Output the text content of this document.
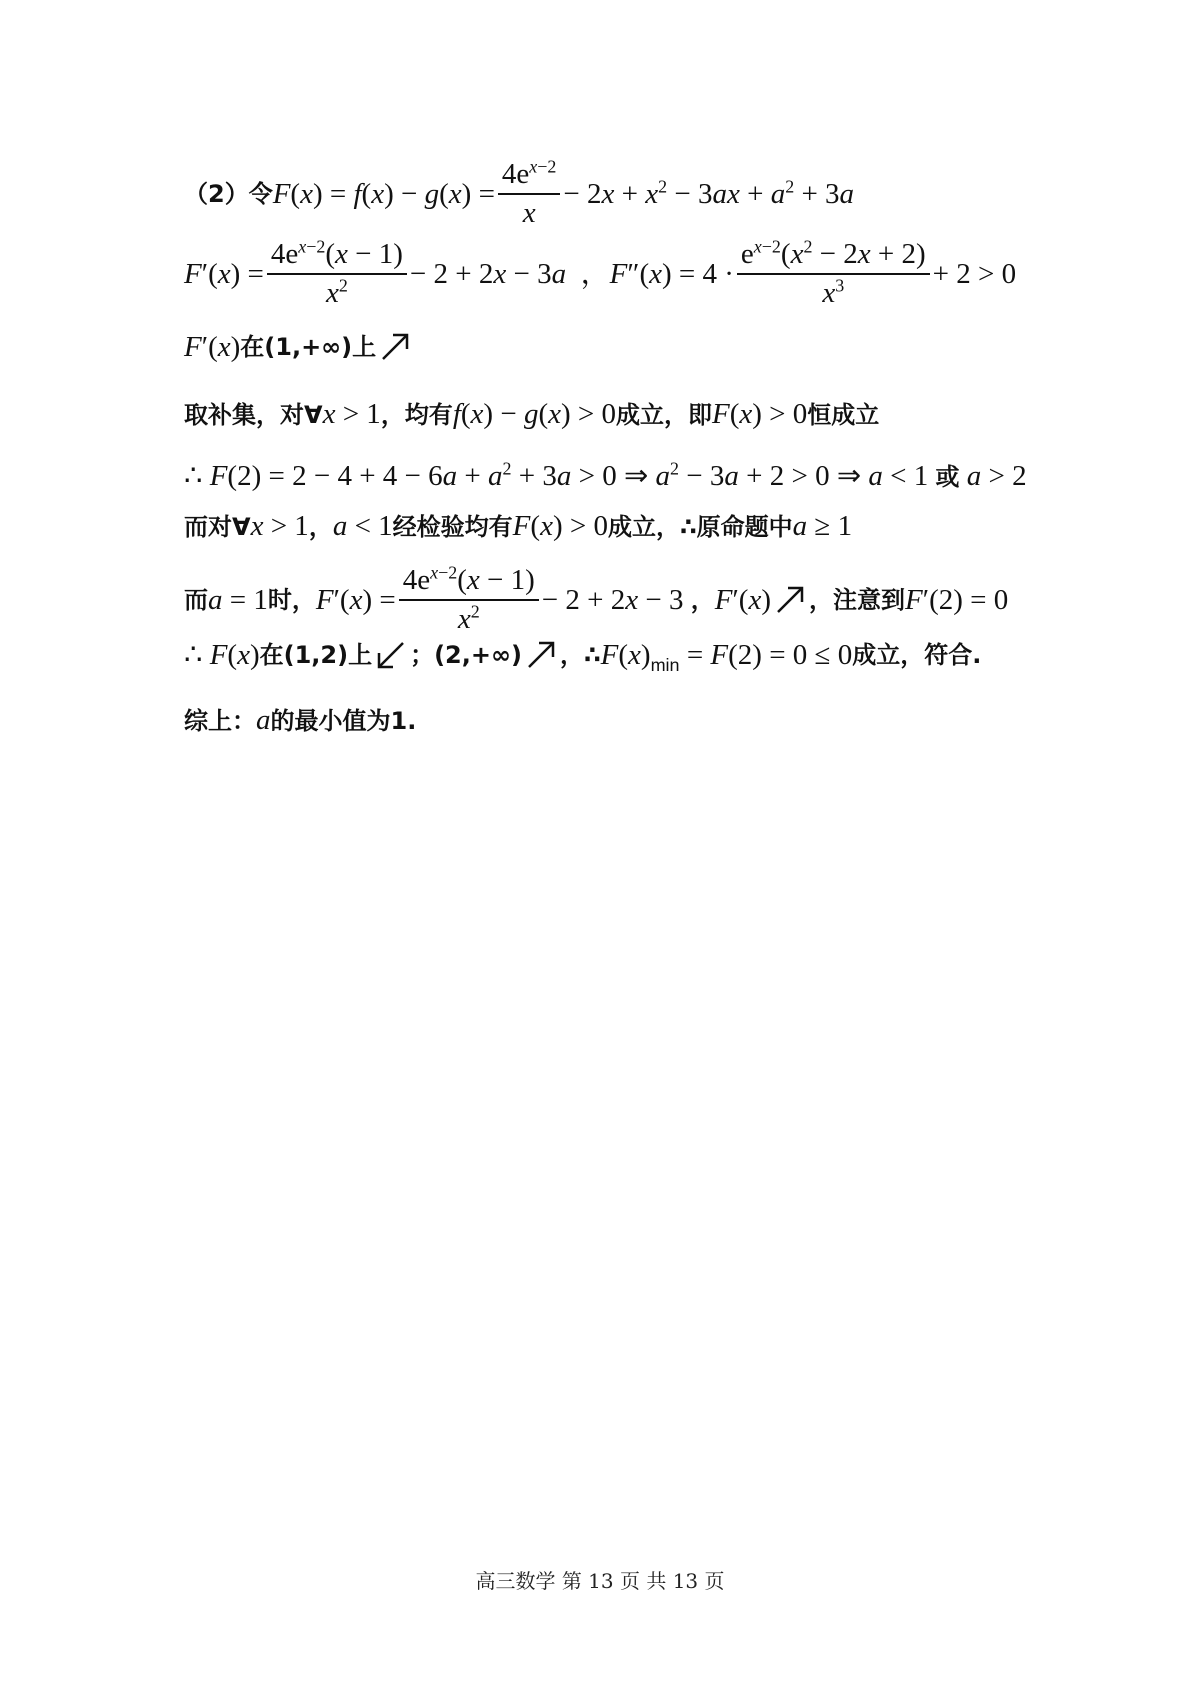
（2）令 $F(x) = f(x) - g(x) = \frac{4e^{x-2}}{x} - 2x + x^2 - 3ax + a^2 + 3a$
$F'(x) = \frac{4e^{x-2}(x - 1)}{x^2} - 2 + 2x - 3a$  ，$F''(x) = 4 \cdot \frac{e^{x-2}(x^2 - 2x + 2)}{x^3} + 2 > 0$
F′(x) 在(1,+∞)上
取补集，对∀ x > 1 ，均有 f(x) − g(x) > 0 成立，即 F(x) > 0 恒成立
∴ $F(2) = 2 - 4 + 4 - 6a + a^2 + 3a > 0$ ⇒ $a^2 - 3a + 2 > 0$ ⇒ a < 1 或 a > 2
而对∀ x > 1 ， a < 1 经检验均有 F(x) > 0 成立，∴原命题中 a ≥ 1
而 a = 1 时， $F'(x) = \frac{4e^{x-2}(x - 1)}{x^2} - 2 + 2x - 3$ ， F′(x) ，注意到 F′(2) = 0
∴ F(x) 在(1,2)上 ；(2,+∞) ，∴ $F(x)_{min} = F(2) = 0 \le 0$ 成立，符合.
综上： a 的最小值为1.
高三数学 第 13 页 共 13 页
